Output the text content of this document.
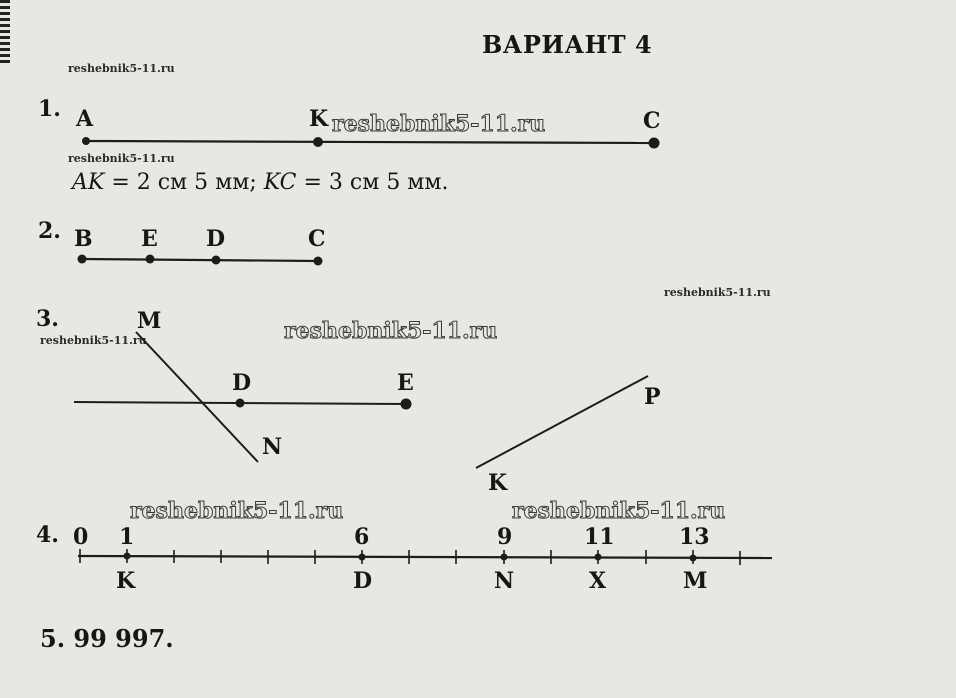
ВАРИАНТ 4
reshebnik5-11.ru
reshebnik5-11.ru
reshebnik5-11.ru
reshebnik5-11.ru
reshebnik5-11.ru
reshebnik5-11.ru
reshebnik5-11.ru	reshebnik5-11.ru
1. A	K	C
AK = 2 см 5 мм; KC = 3 см 5 мм.
2. B E D	C
3.	M
D	E
N
P
K
4. 0 1	6	9	11	13
K	D	N	X	M
5. 99 997.
